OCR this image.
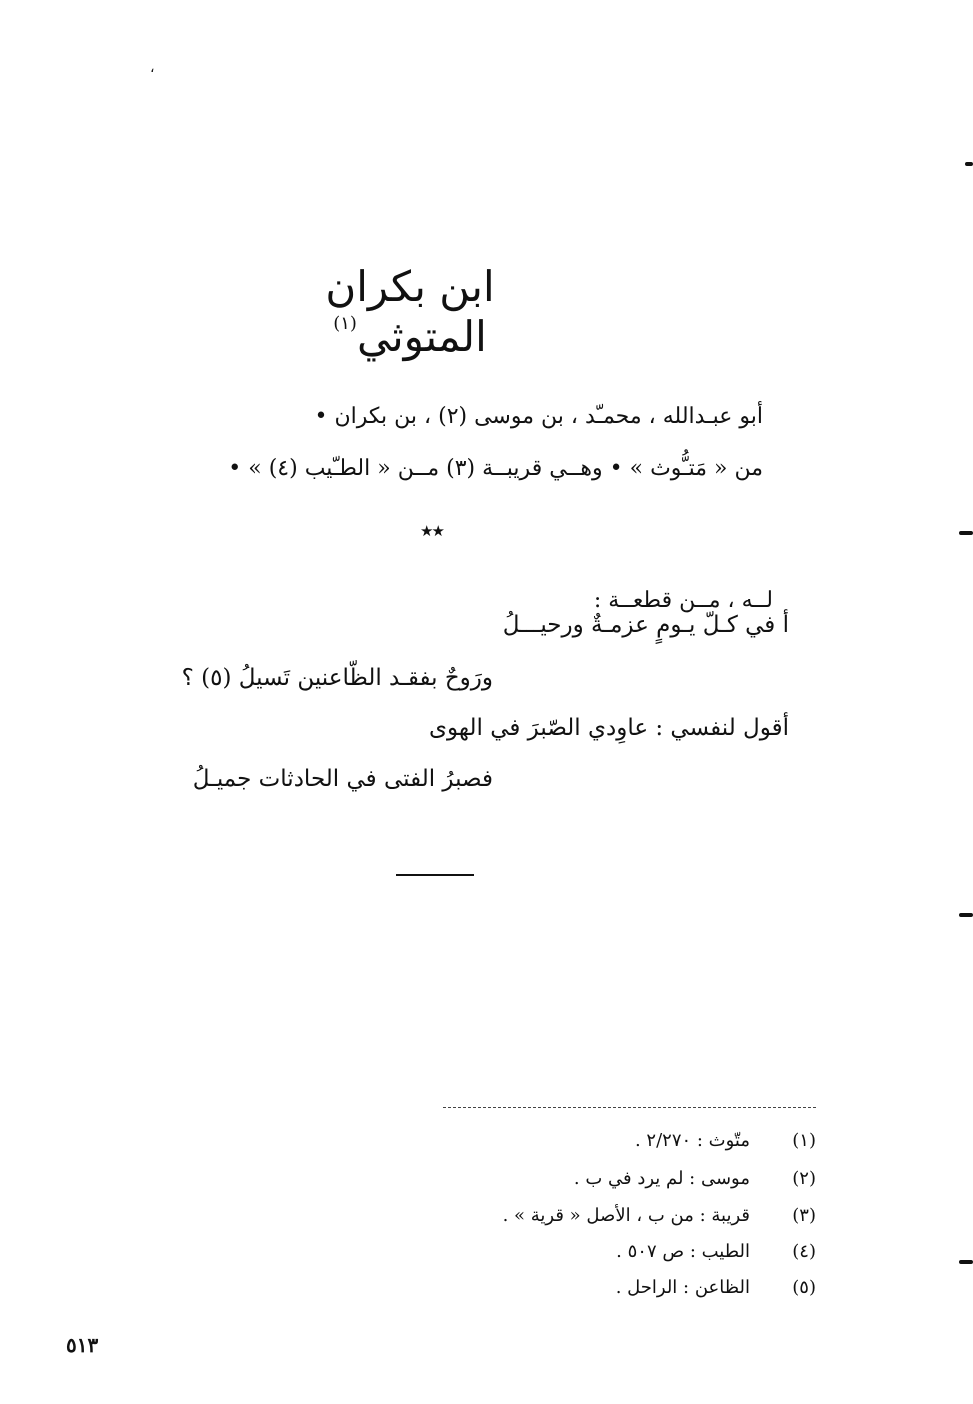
،
ابن بكران المتوثي$^{(١)}$
أبو عبـدالله ، محمـّد ، بن موسى (٢) ، بن بكران •
من « مَتـُّوث » • وهــي قريبــة (٣) مــن « الطـّيب (٤) » •
★★
لــه ، مــن قطعــة :
أ في كـلّ يـومٍ عزمـةٌ ورحيـــلُ
ورَوحٌ بفقـد الظّاعنين تَسيلُ (٥) ؟
أقول لنفسي : عاوِدي الصّبرَ في الهوى
فصبرُ الفتى في الحادثات جميـلُ
(١)
متّوث : ٢/٢٧٠ .
(٢)
موسى : لم يرد في ب .
(٣)
قريبة : من ب ، الأصل « قرية » .
(٤)
الطيب : ص ٥٠٧ .
(٥)
الظاعن : الراحل .
٥١٣
